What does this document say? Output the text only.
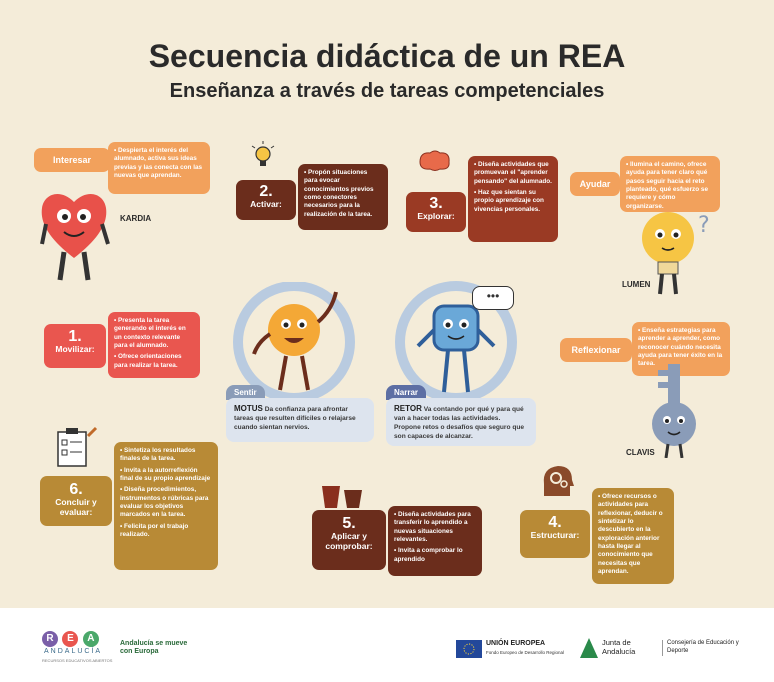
Secuencia didáctica de un REA
Enseñanza a través de tareas competenciales
Interesar

• Despierta el interés del alumnado, activa sus ideas previas y las conecta con las nuevas que aprendan.

KARDIA
2.
Activar:

• Propón situaciones para evocar conocimientos previos como conectores necesarios para la realización de la tarea.

3.
Explorar:

• Diseña actividades que promuevan el "aprender pensando" del alumnado.

• Haz que sientan su propio aprendizaje con vivencias personales.

Ayudar

• Ilumina el camino, ofrece ayuda para tener claro qué pasos seguir hacia el reto planteado, qué esfuerzo se requiere y cómo organizarse.

?
LUMEN
1.
Movilizar:

• Presenta la tarea generando el interés en un contexto relevante para el alumnado.

• Ofrece orientaciones para realizar la tarea.

Sentir
MOTUS Da confianza para afrontar tareas que resulten difíciles o relajarse cuando sientan nervios.
•••
Narrar
RETOR Va contando por qué y para qué van a hacer todas las actividades. Propone retos o desafíos que seguro que son capaces de alcanzar.
Reflexionar

• Enseña estrategias para aprender a aprender, como reconocer cuándo necesita ayuda para tener éxito en la tarea.

CLAVIS
6.
Concluir y evaluar:

• Sintetiza los resultados finales de la tarea.

• Invita a la autorreflexión final de su propio aprendizaje

• Diseña procedimientos, instrumentos o rúbricas para evaluar los objetivos marcados en la tarea.

• Felicita por el trabajo realizado.

5.
Aplicar y comprobar:

• Diseña actividades para transferir lo aprendido a nuevas situaciones relevantes.

• Invita a comprobar lo aprendido

4.
Estructurar:

• Ofrece recursos o actividades para reflexionar, deducir o sintetizar lo descubierto en la exploración anterior hasta llegar al conocimiento que necesitas que aprendan.

R E A
ANDALUCÍA
RECURSOS EDUCATIVOS ABIERTOS
Andalucía se mueve con Europa
UNIÓN EUROPEA
Fondo Europeo de Desarrollo Regional
Junta de Andalucía
Consejería de Educación y Deporte
